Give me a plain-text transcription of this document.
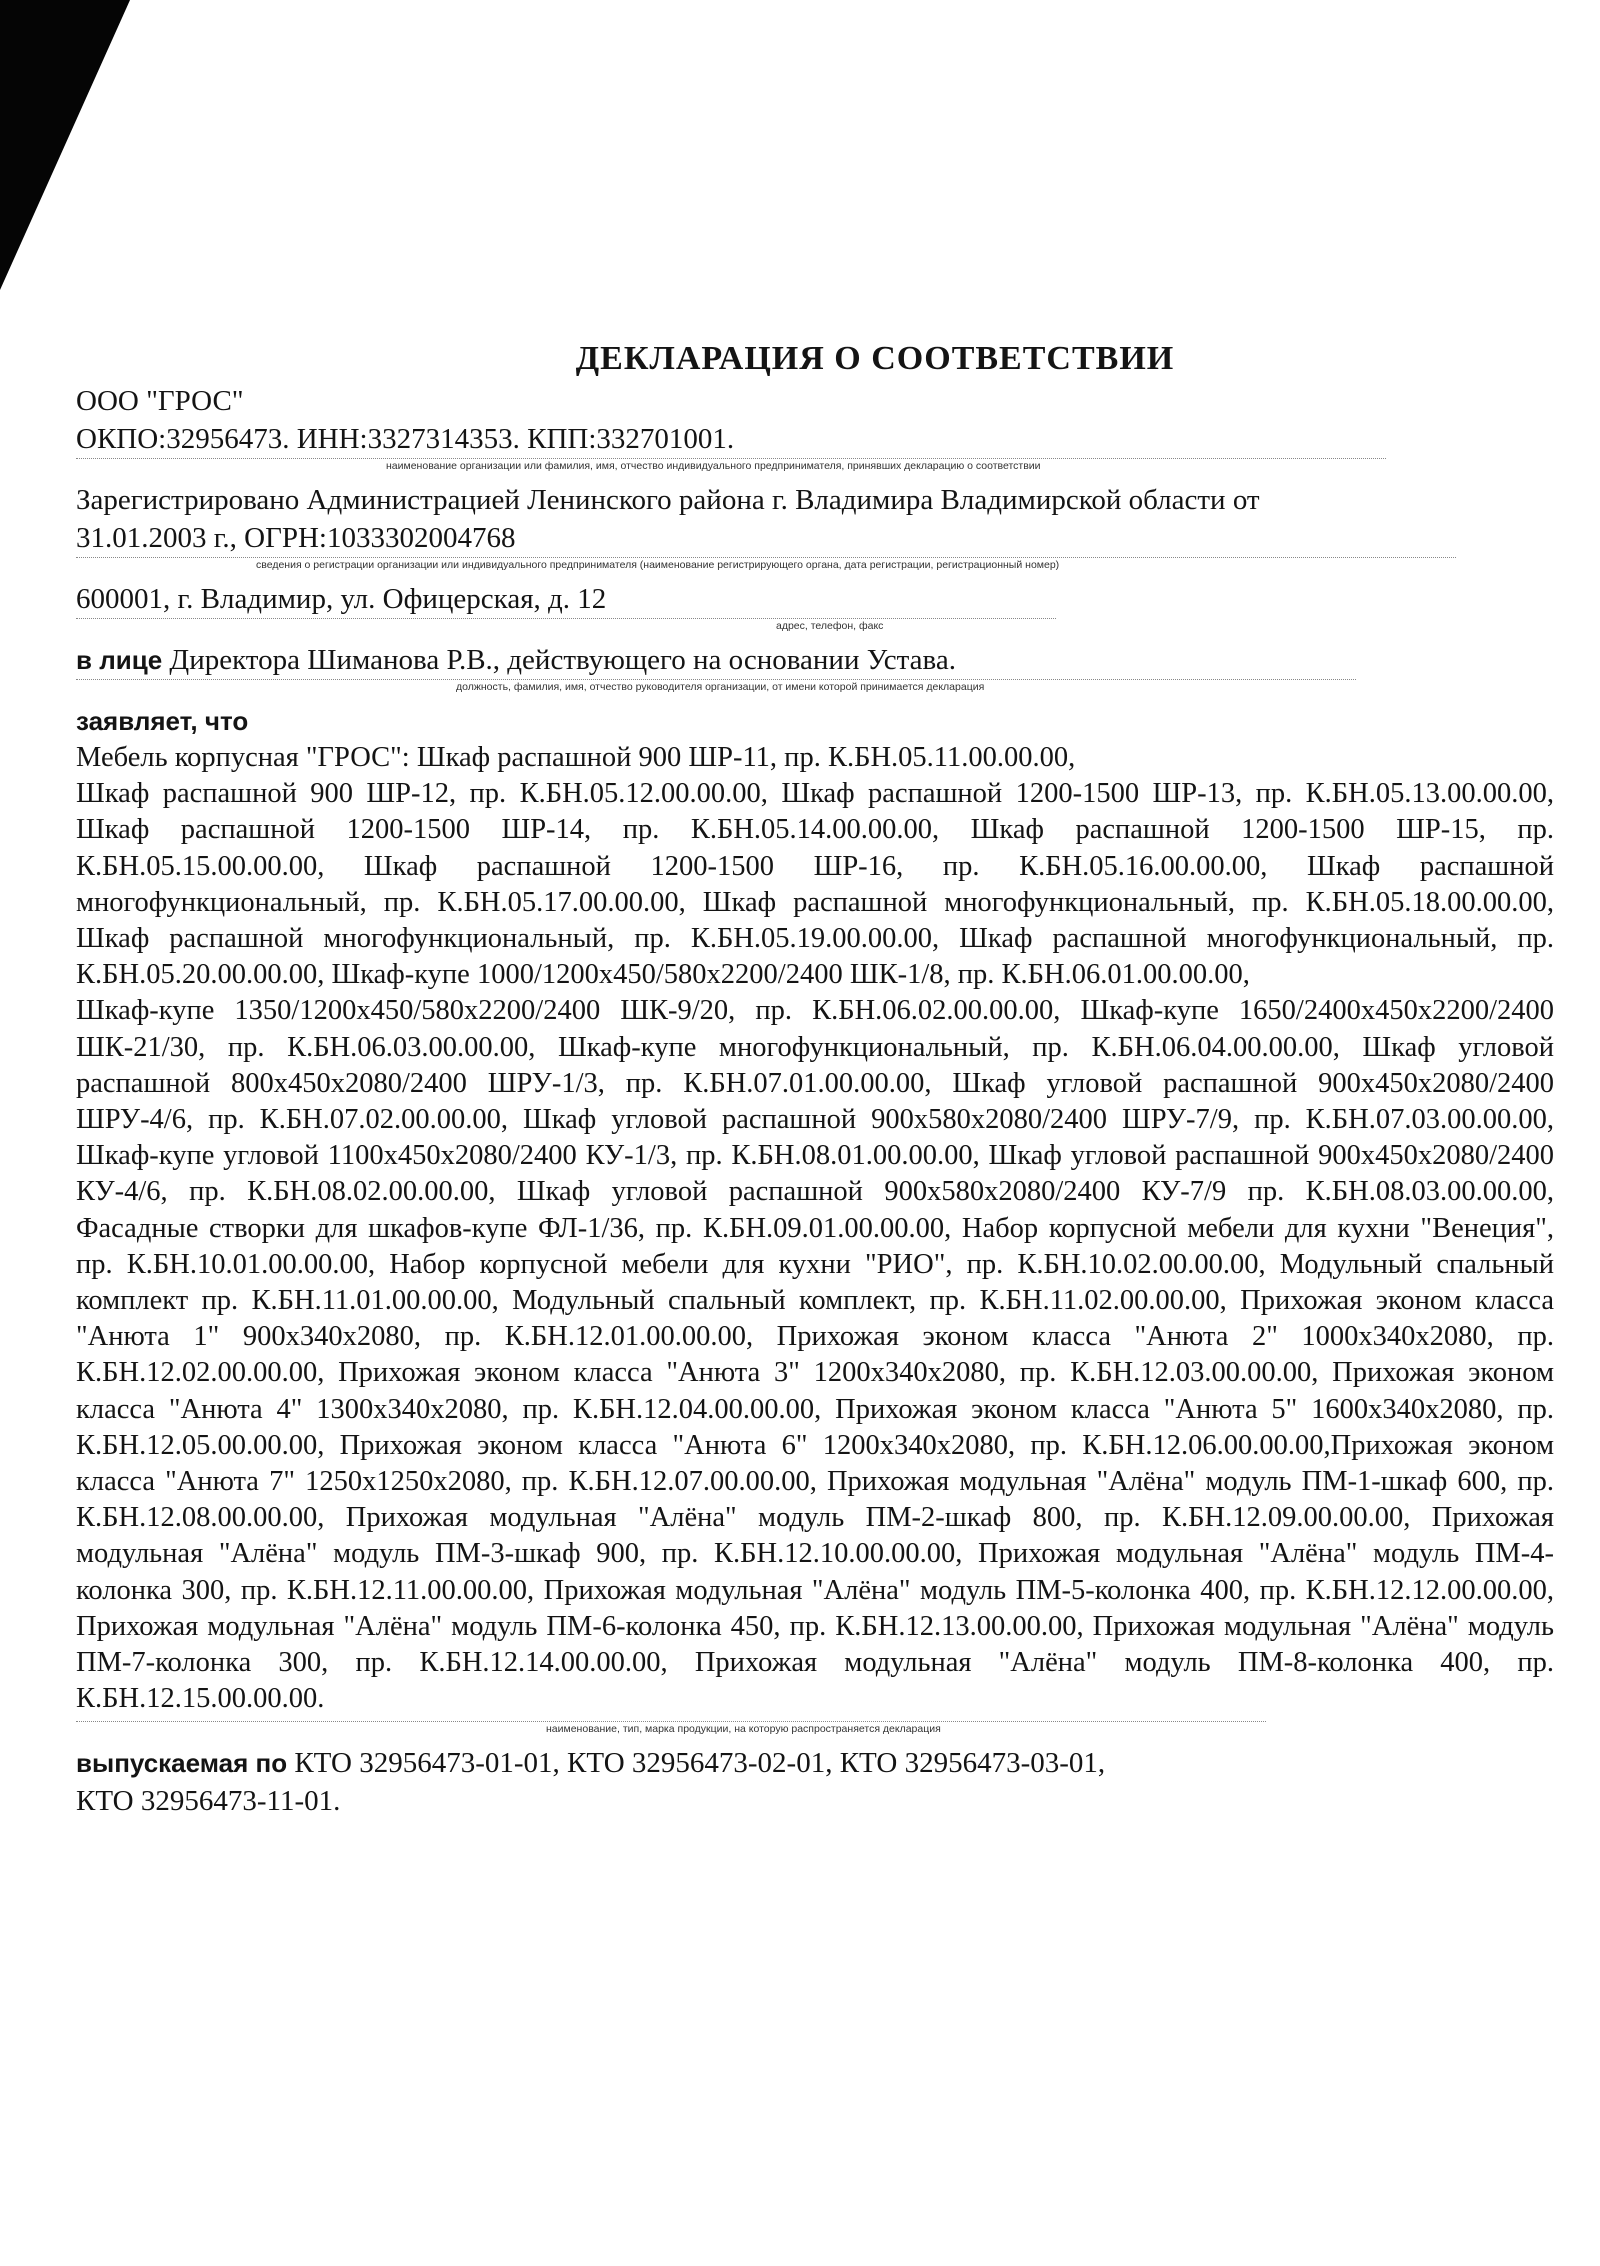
ДЕКЛАРАЦИЯ О СООТВЕТСТВИИ
ООО "ГРОС"
ОКПО:32956473. ИНН:3327314353. КПП:332701001.
наименование организации или фамилия, имя, отчество индивидуального предпринимателя, принявших декларацию о соответствии
Зарегистрировано Администрацией Ленинского района г. Владимира Владимирской области от
31.01.2003 г., ОГРН:1033302004768
сведения о регистрации организации или индивидуального предпринимателя (наименование регистрирующего органа, дата регистрации, регистрационный номер)
600001, г. Владимир, ул. Офицерская, д. 12
адрес, телефон, факс
в лице Директора Шиманова Р.В., действующего на основании Устава.
должность, фамилия, имя, отчество руководителя организации, от имени которой принимается декларация
заявляет, что
Мебель корпусная "ГРОС": Шкаф распашной 900 ШР-11, пр. К.БН.05.11.00.00.00,
Шкаф распашной 900 ШР-12, пр. К.БН.05.12.00.00.00, Шкаф распашной 1200-1500 ШР-13, пр. К.БН.05.13.00.00.00, Шкаф распашной 1200-1500 ШР-14, пр. К.БН.05.14.00.00.00, Шкаф распашной 1200-1500 ШР-15, пр. К.БН.05.15.00.00.00, Шкаф распашной 1200-1500 ШР-16, пр. К.БН.05.16.00.00.00, Шкаф распашной многофункциональный, пр. К.БН.05.17.00.00.00, Шкаф распашной многофункциональный, пр. К.БН.05.18.00.00.00, Шкаф распашной многофункциональный, пр. К.БН.05.19.00.00.00, Шкаф распашной многофункциональный, пр. К.БН.05.20.00.00.00, Шкаф-купе 1000/1200х450/580х2200/2400 ШК-1/8, пр. К.БН.06.01.00.00.00,
Шкаф-купе 1350/1200х450/580х2200/2400 ШК-9/20, пр. К.БН.06.02.00.00.00, Шкаф-купе 1650/2400х450х2200/2400 ШК-21/30, пр. К.БН.06.03.00.00.00, Шкаф-купе многофункциональный, пр. К.БН.06.04.00.00.00, Шкаф угловой распашной 800х450х2080/2400 ШРУ-1/3, пр. К.БН.07.01.00.00.00, Шкаф угловой распашной 900х450х2080/2400 ШРУ-4/6, пр. К.БН.07.02.00.00.00, Шкаф угловой распашной 900х580х2080/2400 ШРУ-7/9, пр. К.БН.07.03.00.00.00, Шкаф-купе угловой 1100х450х2080/2400 КУ-1/3, пр. К.БН.08.01.00.00.00, Шкаф угловой распашной 900х450х2080/2400 КУ-4/6, пр. К.БН.08.02.00.00.00, Шкаф угловой распашной 900х580х2080/2400 КУ-7/9 пр. К.БН.08.03.00.00.00, Фасадные створки для шкафов-купе ФЛ-1/36, пр. К.БН.09.01.00.00.00, Набор корпусной мебели для кухни "Венеция", пр. К.БН.10.01.00.00.00, Набор корпусной мебели для кухни "РИО", пр. К.БН.10.02.00.00.00, Модульный спальный комплект пр. К.БН.11.01.00.00.00, Модульный спальный комплект, пр. К.БН.11.02.00.00.00, Прихожая эконом класса "Анюта 1" 900х340х2080, пр. К.БН.12.01.00.00.00, Прихожая эконом класса "Анюта 2" 1000х340х2080, пр. К.БН.12.02.00.00.00, Прихожая эконом класса "Анюта 3" 1200х340х2080, пр. К.БН.12.03.00.00.00, Прихожая эконом класса "Анюта 4" 1300х340х2080, пр. К.БН.12.04.00.00.00, Прихожая эконом класса "Анюта 5" 1600х340х2080, пр. К.БН.12.05.00.00.00, Прихожая эконом класса "Анюта 6" 1200х340х2080, пр. К.БН.12.06.00.00.00,Прихожая эконом класса "Анюта 7" 1250х1250х2080, пр. К.БН.12.07.00.00.00, Прихожая модульная "Алёна" модуль ПМ-1-шкаф 600, пр. К.БН.12.08.00.00.00, Прихожая модульная "Алёна" модуль ПМ-2-шкаф 800, пр. К.БН.12.09.00.00.00, Прихожая модульная "Алёна" модуль ПМ-3-шкаф 900, пр. К.БН.12.10.00.00.00, Прихожая модульная "Алёна" модуль ПМ-4-колонка 300, пр. К.БН.12.11.00.00.00, Прихожая модульная "Алёна" модуль ПМ-5-колонка 400, пр. К.БН.12.12.00.00.00, Прихожая модульная "Алёна" модуль ПМ-6-колонка 450, пр. К.БН.12.13.00.00.00, Прихожая модульная "Алёна" модуль ПМ-7-колонка 300, пр. К.БН.12.14.00.00.00, Прихожая модульная "Алёна" модуль ПМ-8-колонка 400, пр. К.БН.12.15.00.00.00.
наименование, тип, марка продукции, на которую распространяется декларация
выпускаемая по КТО 32956473-01-01, КТО 32956473-02-01, КТО 32956473-03-01,
КТО 32956473-11-01.
